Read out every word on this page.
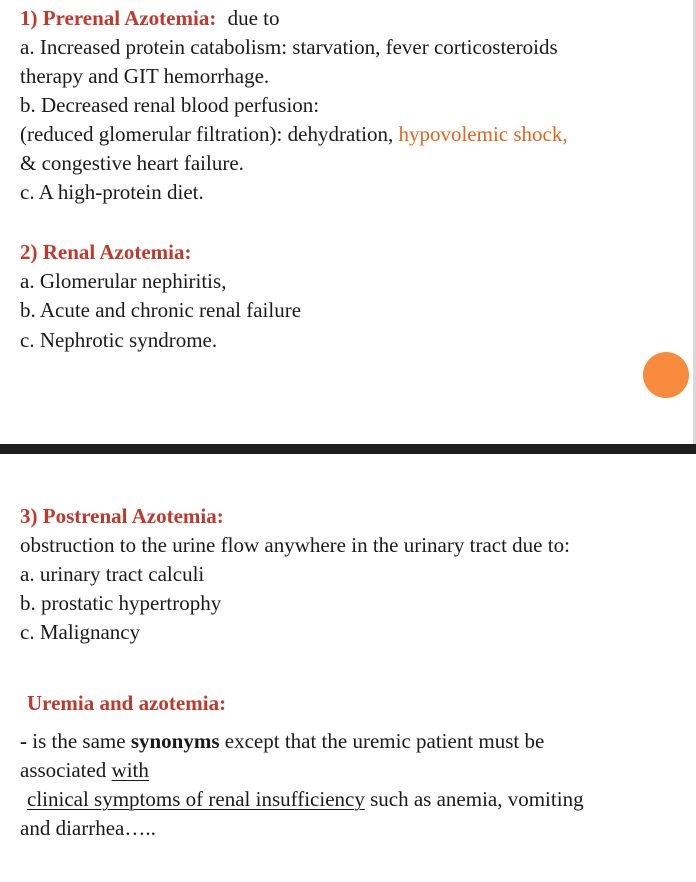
1) Prerenal Azotemia: due to
a. Increased protein catabolism: starvation, fever corticosteroids
therapy and GIT hemorrhage.
b. Decreased renal blood perfusion:
(reduced glomerular filtration): dehydration, hypovolemic shock,
& congestive heart failure.
c. A high-protein diet.
2) Renal Azotemia:
a. Glomerular nephiritis,
b. Acute and chronic renal failure
c. Nephrotic syndrome.
3) Postrenal Azotemia:
obstruction to the urine flow anywhere in the urinary tract due to:
a. urinary tract calculi
b. prostatic hypertrophy
c. Malignancy
Uremia and azotemia:
- is the same synonyms except that the uremic patient must be
associated with
clinical symptoms of renal insufficiency such as anemia, vomiting
and diarrhea…..
